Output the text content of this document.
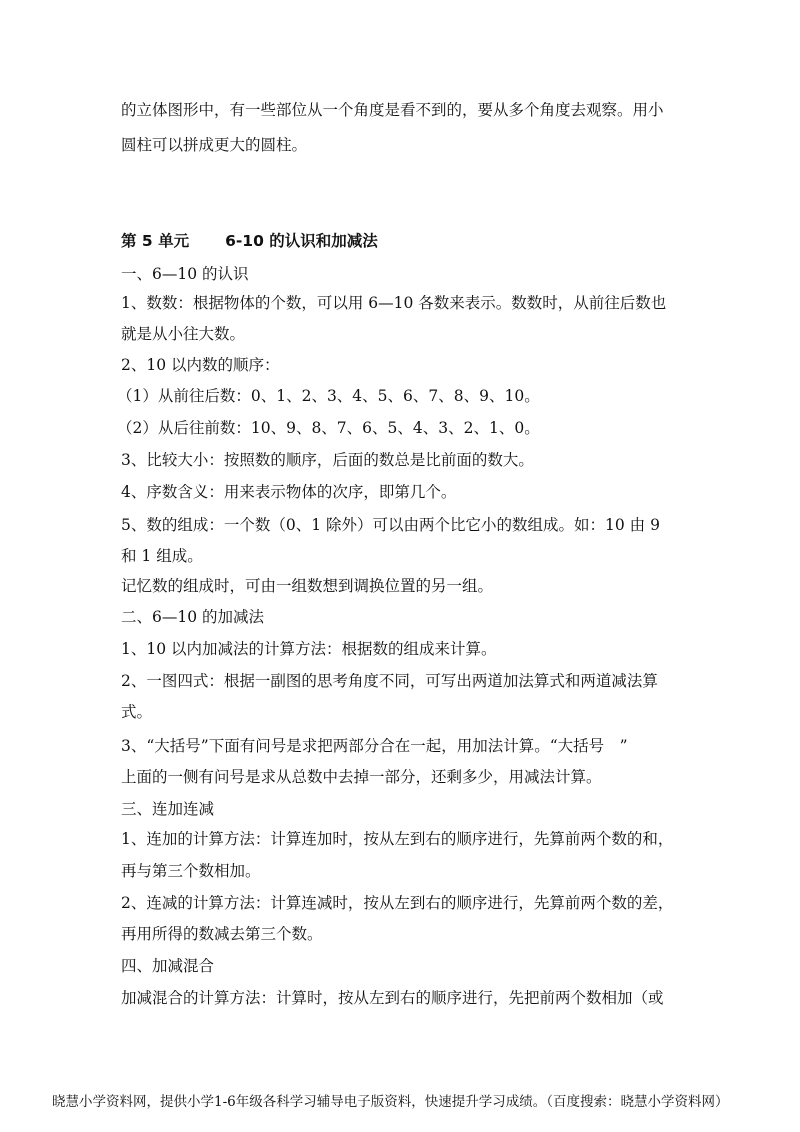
的立体图形中，有一些部位从一个角度是看不到的，要从多个角度去观察。用小
圆柱可以拼成更大的圆柱。
第 5 单元 6-10 的认识和加减法
一、6—10 的认识
1、数数：根据物体的个数，可以用 6—10 各数来表示。数数时，从前往后数也
就是从小往大数。
2、10 以内数的顺序：
（1）从前往后数：0、1、2、3、4、5、6、7、8、9、10。
（2）从后往前数：10、9、8、7、6、5、4、3、2、1、0。
3、比较大小：按照数的顺序，后面的数总是比前面的数大。
4、序数含义：用来表示物体的次序，即第几个。
5、数的组成：一个数（0、1 除外）可以由两个比它小的数组成。如：10 由 9
和 1 组成。
记忆数的组成时，可由一组数想到调换位置的另一组。
二、6—10 的加减法
1、10 以内加减法的计算方法：根据数的组成来计算。
2、一图四式：根据一副图的思考角度不同，可写出两道加法算式和两道减法算
式。
3、“大括号”下面有问号是求把两部分合在一起，用加法计算。“大括号　”
上面的一侧有问号是求从总数中去掉一部分，还剩多少，用减法计算。
三、连加连减
1、连加的计算方法：计算连加时，按从左到右的顺序进行，先算前两个数的和，
再与第三个数相加。
2、连减的计算方法：计算连减时，按从左到右的顺序进行，先算前两个数的差，
再用所得的数减去第三个数。
四、加减混合
加减混合的计算方法：计算时，按从左到右的顺序进行，先把前两个数相加（或
晓慧小学资料网，提供小学1-6年级各科学习辅导电子版资料，快速提升学习成绩。（百度搜索：晓慧小学资料网）
